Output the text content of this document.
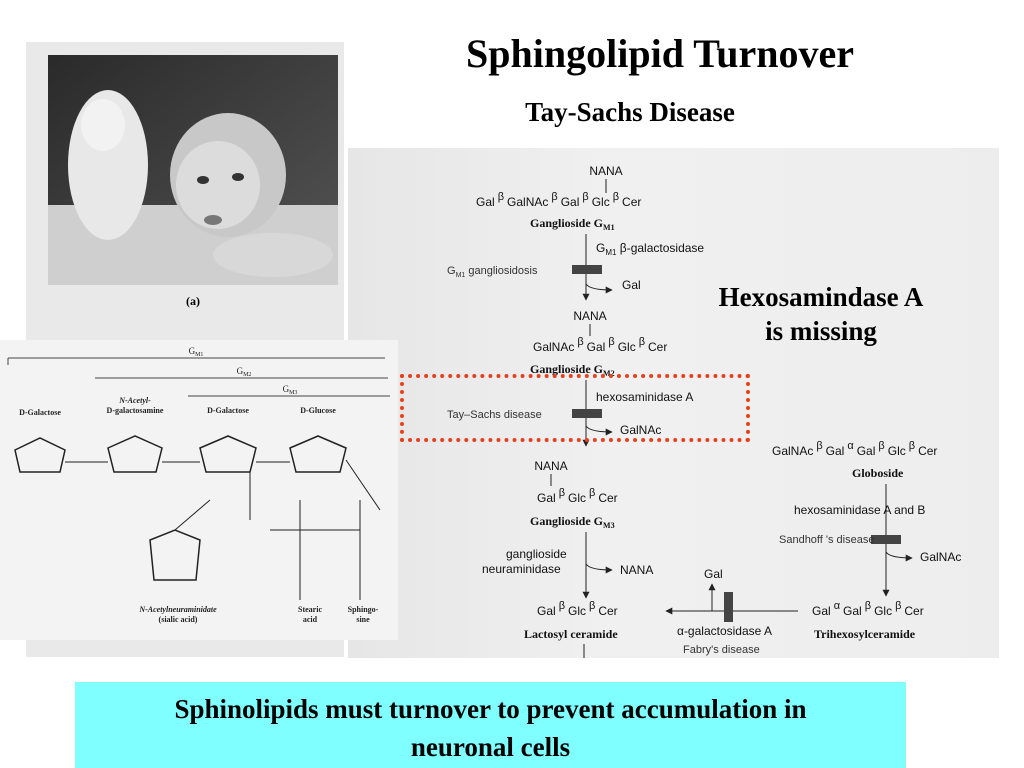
Sphingolipid Turnover
Tay-Sachs Disease
(a)
$G_{M1}$
$G_{M2}$
$G_{M3}$
D-Galactose
N-Acetyl-
D-galactosamine	D-Galactose	D-Glucose
N-Acetylneuraminidate
(sialic acid)
Stearic
acid
Sphingo-
sine
NANA
Gal β GalNAc β Gal β Glc β Cer
Ganglioside $G_{M1}$
$G_{M1}$ β-galactosidase
$G_{M1}$ gangliosidosis
Gal
NANA
GalNAc β Gal β Glc β Cer
Ganglioside $G_{M2}$
hexosaminidase A
Tay–Sachs disease
GalNAc
NANA
Gal β Glc β Cer
Ganglioside $G_{M3}$
ganglioside
neuraminidase	NANA
Gal β Glc β Cer
Lactosyl ceramide
GalNAc β Gal α Gal β Glc β Cer
Globoside
hexosaminidase A and B
Sandhoff 's disease
GalNAc
Gal α Gal β Glc β Cer
Trihexosylceramide
Gal
α-galactosidase A
Fabry's disease
Hexosamindase A
is missing
Sphinolipids must turnover to prevent accumulation in
neuronal cells
